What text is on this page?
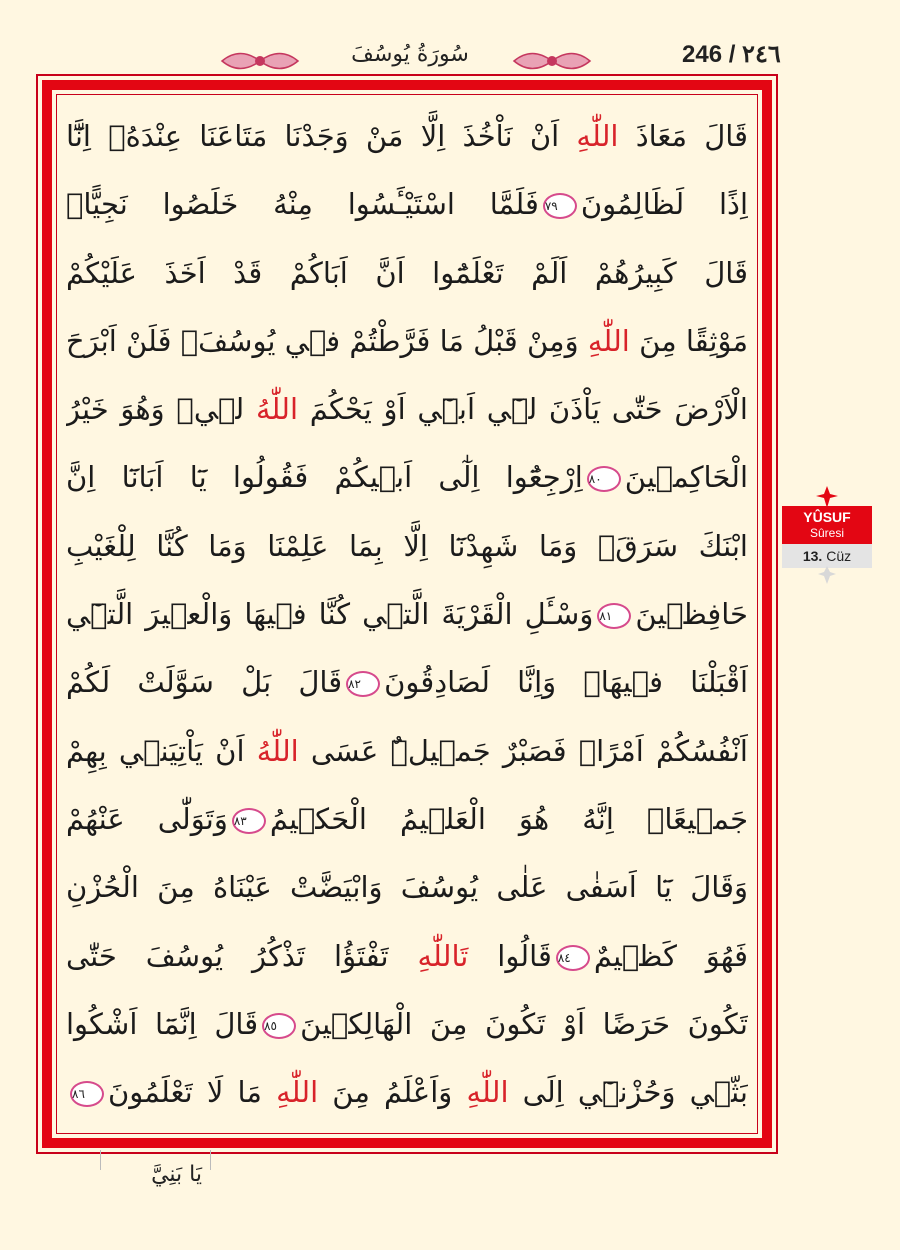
سُورَةُ يُوسُفَ	246 / ٢٤٦
قَالَ مَعَاذَ اللّٰهِ اَنْ نَاْخُذَ اِلَّا مَنْ وَجَدْنَا مَتَاعَنَا عِنْدَهُۙ اِنَّٓا
اِذًا لَظَالِمُونَ٧٩فَلَمَّا اسْتَيْـَٔسُوا مِنْهُ خَلَصُوا نَجِيًّاۜ
قَالَ كَبِيرُهُمْ اَلَمْ تَعْلَمُٓوا اَنَّ اَبَاكُمْ قَدْ اَخَذَ عَلَيْكُمْ
مَوْثِقًا مِنَ اللّٰهِ وَمِنْ قَبْلُ مَا فَرَّطْتُمْ ف۪ي يُوسُفَۚ فَلَنْ اَبْرَحَ
الْاَرْضَ حَتّٰى يَاْذَنَ ل۪ٓي اَب۪ٓي اَوْ يَحْكُمَ اللّٰهُ ل۪يۚ وَهُوَ خَيْرُ
الْحَاكِم۪ينَ٨٠اِرْجِعُٓوا اِلٰٓى اَب۪يكُمْ فَقُولُوا يَٓا اَبَانَٓا اِنَّ
ابْنَكَ سَرَقَۚ وَمَا شَهِدْنَٓا اِلَّا بِمَا عَلِمْنَا وَمَا كُنَّا لِلْغَيْبِ
حَافِظ۪ينَ٨١وَسْـَٔلِ الْقَرْيَةَ الَّت۪ي كُنَّا ف۪يهَا وَالْع۪يرَ الَّت۪ٓي
اَقْبَلْنَا ف۪يهَاۜ وَاِنَّا لَصَادِقُونَ٨٢قَالَ بَلْ سَوَّلَتْ لَكُمْ
اَنْفُسُكُمْ اَمْرًاۜ فَصَبْرٌ جَم۪يلٌۜ عَسَى اللّٰهُ اَنْ يَاْتِيَن۪ي بِهِمْ
جَم۪يعًاۜ اِنَّهُ هُوَ الْعَل۪يمُ الْحَك۪يمُ٨٣وَتَوَلّٰى عَنْهُمْ
وَقَالَ يَٓا اَسَفٰى عَلٰى يُوسُفَ وَابْيَضَّتْ عَيْنَاهُ مِنَ الْحُزْنِ
فَهُوَ كَظ۪يمٌ٨٤قَالُوا تَاللّٰهِ تَفْتَؤُا تَذْكُرُ يُوسُفَ حَتّٰى
تَكُونَ حَرَضًا اَوْ تَكُونَ مِنَ الْهَالِك۪ينَ٨٥قَالَ اِنَّمَٓا اَشْكُوا
بَثّ۪ي وَحُزْن۪ٓي اِلَى اللّٰهِ وَاَعْلَمُ مِنَ اللّٰهِ مَا لَا تَعْلَمُونَ٨٦
يَا بَنِيَّ
YÛSUF
Sûresi
13. Cüz
